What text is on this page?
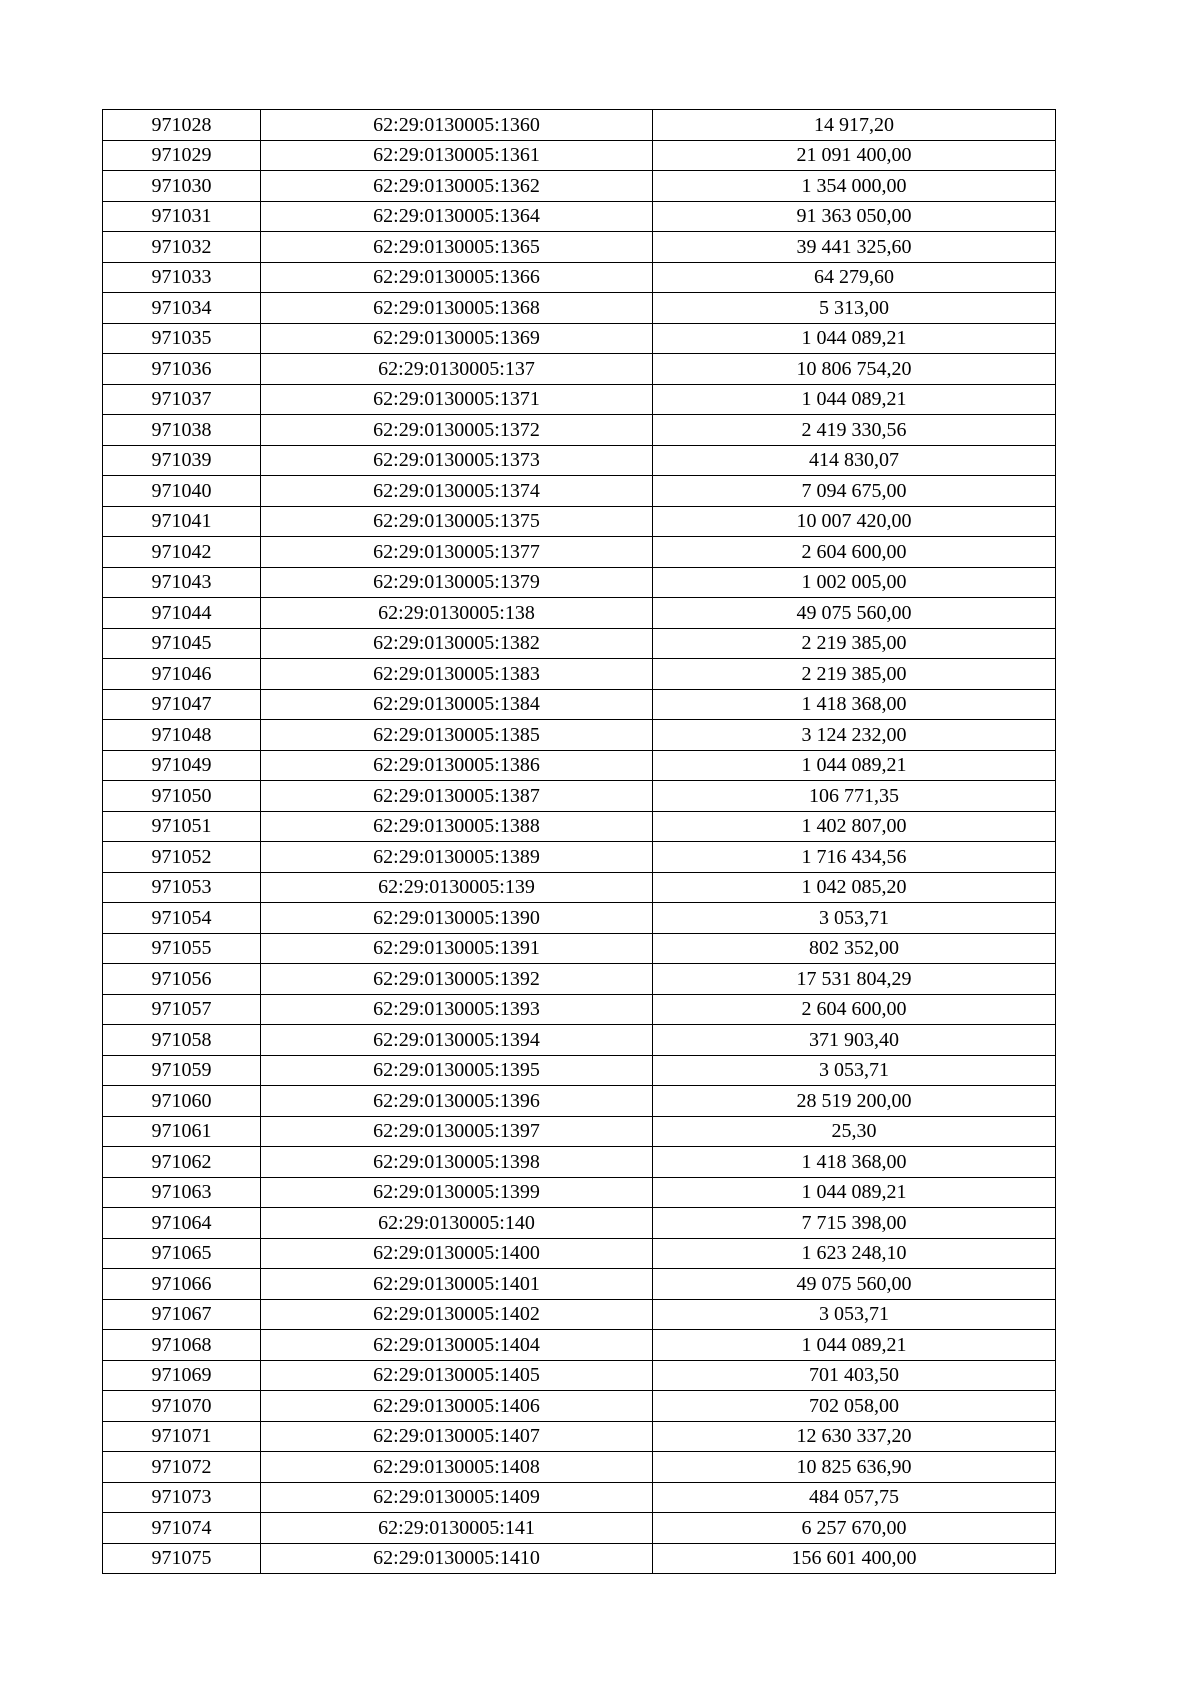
971028	62:29:0130005:1360	14 917,20
971029	62:29:0130005:1361	21 091 400,00
971030	62:29:0130005:1362	1 354 000,00
971031	62:29:0130005:1364	91 363 050,00
971032	62:29:0130005:1365	39 441 325,60
971033	62:29:0130005:1366	64 279,60
971034	62:29:0130005:1368	5 313,00
971035	62:29:0130005:1369	1 044 089,21
971036	62:29:0130005:137	10 806 754,20
971037	62:29:0130005:1371	1 044 089,21
971038	62:29:0130005:1372	2 419 330,56
971039	62:29:0130005:1373	414 830,07
971040	62:29:0130005:1374	7 094 675,00
971041	62:29:0130005:1375	10 007 420,00
971042	62:29:0130005:1377	2 604 600,00
971043	62:29:0130005:1379	1 002 005,00
971044	62:29:0130005:138	49 075 560,00
971045	62:29:0130005:1382	2 219 385,00
971046	62:29:0130005:1383	2 219 385,00
971047	62:29:0130005:1384	1 418 368,00
971048	62:29:0130005:1385	3 124 232,00
971049	62:29:0130005:1386	1 044 089,21
971050	62:29:0130005:1387	106 771,35
971051	62:29:0130005:1388	1 402 807,00
971052	62:29:0130005:1389	1 716 434,56
971053	62:29:0130005:139	1 042 085,20
971054	62:29:0130005:1390	3 053,71
971055	62:29:0130005:1391	802 352,00
971056	62:29:0130005:1392	17 531 804,29
971057	62:29:0130005:1393	2 604 600,00
971058	62:29:0130005:1394	371 903,40
971059	62:29:0130005:1395	3 053,71
971060	62:29:0130005:1396	28 519 200,00
971061	62:29:0130005:1397	25,30
971062	62:29:0130005:1398	1 418 368,00
971063	62:29:0130005:1399	1 044 089,21
971064	62:29:0130005:140	7 715 398,00
971065	62:29:0130005:1400	1 623 248,10
971066	62:29:0130005:1401	49 075 560,00
971067	62:29:0130005:1402	3 053,71
971068	62:29:0130005:1404	1 044 089,21
971069	62:29:0130005:1405	701 403,50
971070	62:29:0130005:1406	702 058,00
971071	62:29:0130005:1407	12 630 337,20
971072	62:29:0130005:1408	10 825 636,90
971073	62:29:0130005:1409	484 057,75
971074	62:29:0130005:141	6 257 670,00
971075	62:29:0130005:1410	156 601 400,00
